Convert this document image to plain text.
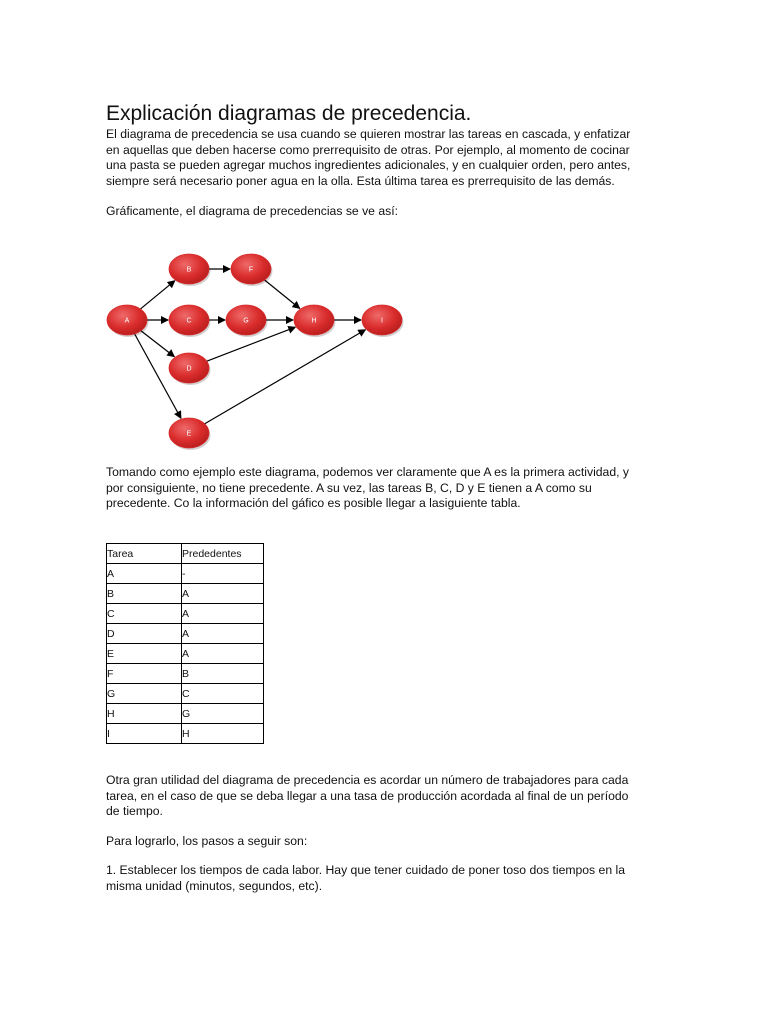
Explicación diagramas de precedencia.

El diagrama de precedencia se usa cuando se quieren mostrar las tareas en cascada, y enfatizar
en aquellas que deben hacerse como prerrequisito de otras. Por ejemplo, al momento de cocinar
una pasta se pueden agregar muchos ingredientes adicionales, y en cualquier orden, pero antes,
siempre será necesario poner agua en la olla. Esta última tarea es prerrequisito de las demás.

Gráficamente, el diagrama de precedencias se ve así:

A
B
C
D
E
F
G	H	I

Tomando como ejemplo este diagrama, podemos ver claramente que A es la primera actividad, y
por consiguiente, no tiene precedente. A su vez, las tareas B, C, D y E tienen a A como su
precedente. Co la información del gáfico es posible llegar a lasiguiente tabla.

Tarea	Prededentes
A	-
B	A
C	A
D	A
E	A
F	B
G	C
H	G
I	H

Otra gran utilidad del diagrama de precedencia es acordar un número de trabajadores para cada
tarea, en el caso de que se deba llegar a una tasa de producción acordada al final de un período
de tiempo.

Para lograrlo, los pasos a seguir son:

1. Establecer los tiempos de cada labor. Hay que tener cuidado de poner toso dos tiempos en la
misma unidad (minutos, segundos, etc).
